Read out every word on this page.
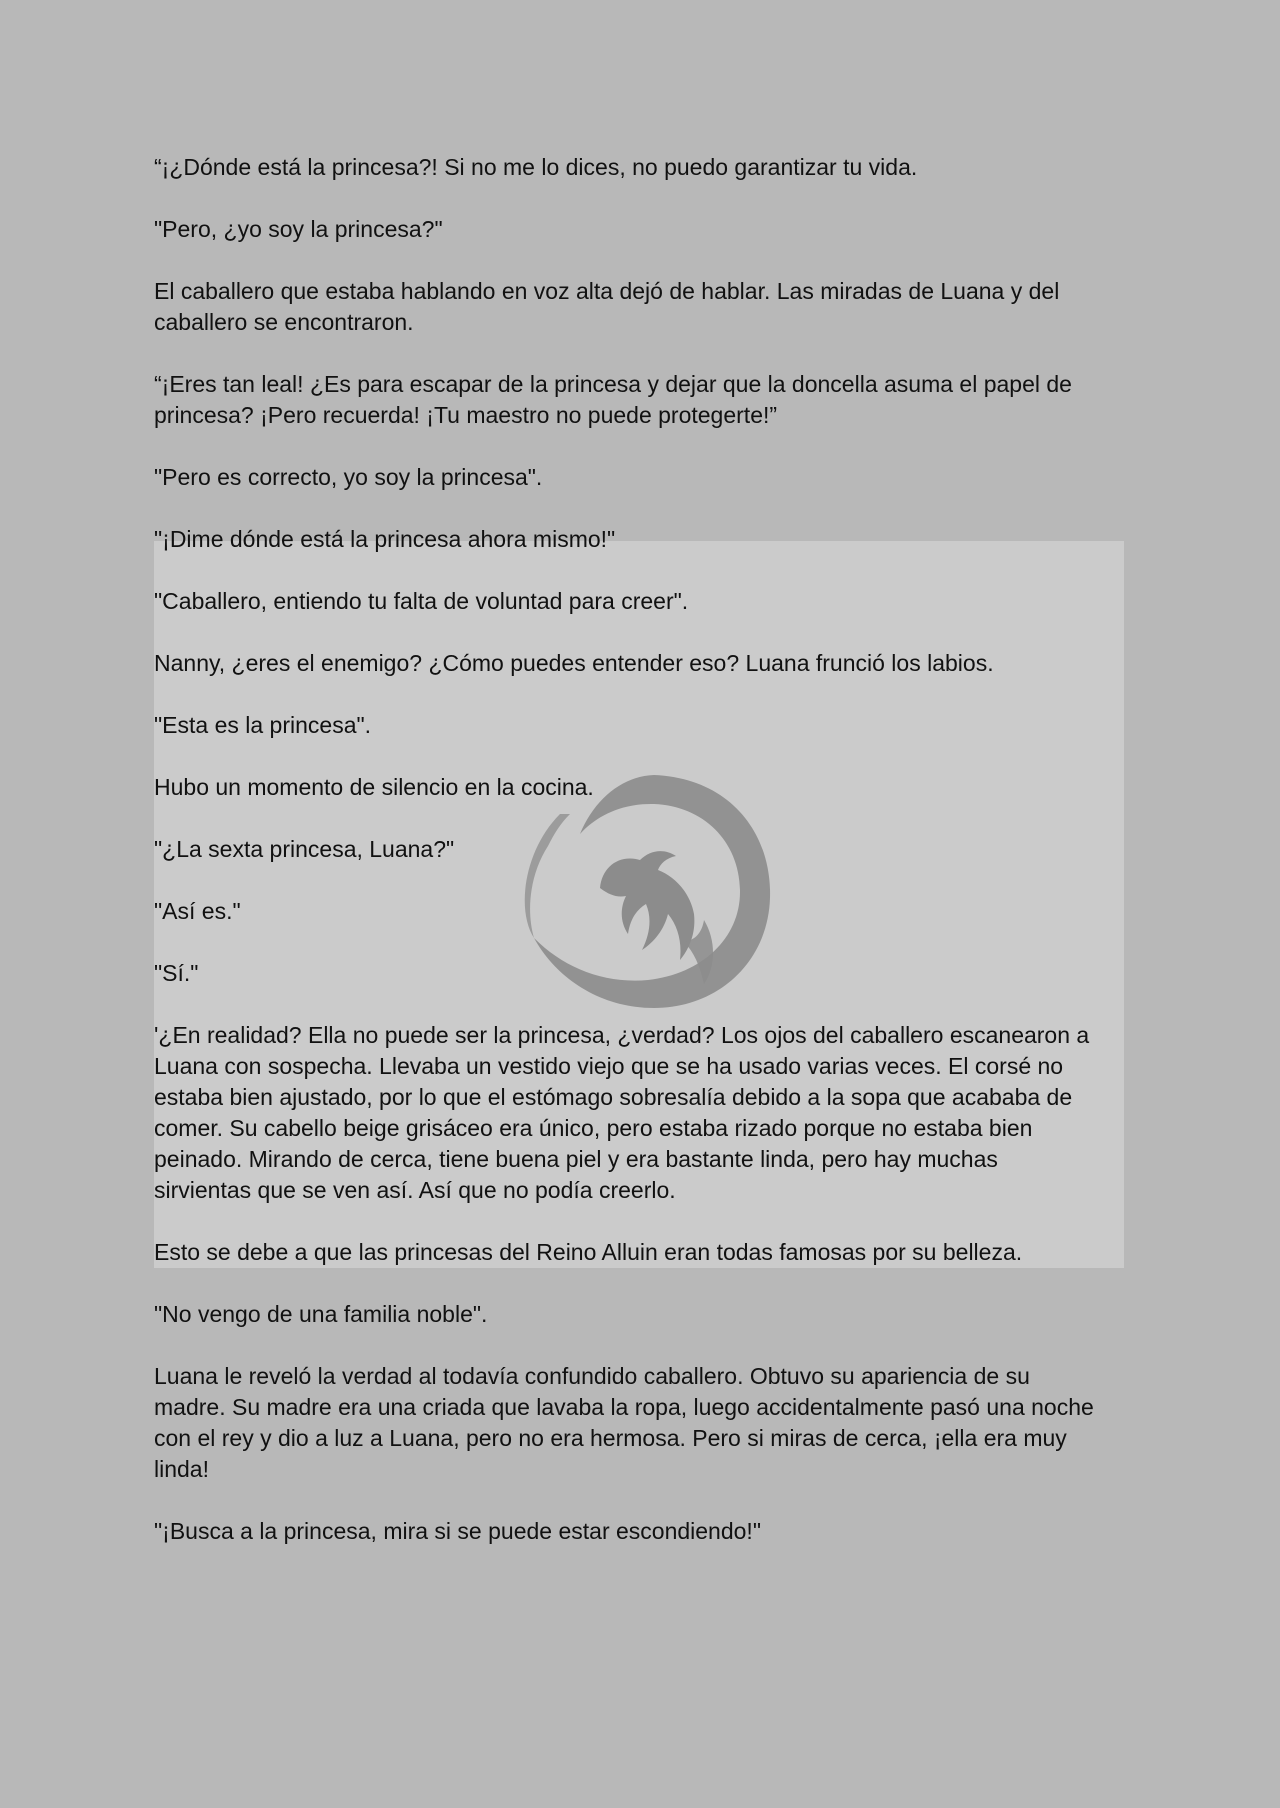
“¡¿Dónde está la princesa?! Si no me lo dices, no puedo garantizar tu vida.

"Pero, ¿yo soy la princesa?"

El caballero que estaba hablando en voz alta dejó de hablar. Las miradas de Luana y del
caballero se encontraron.

“¡Eres tan leal! ¿Es para escapar de la princesa y dejar que la doncella asuma el papel de
princesa? ¡Pero recuerda! ¡Tu maestro no puede protegerte!”

"Pero es correcto, yo soy la princesa".

"¡Dime dónde está la princesa ahora mismo!"

"Caballero, entiendo tu falta de voluntad para creer".

Nanny, ¿eres el enemigo? ¿Cómo puedes entender eso? Luana frunció los labios.

"Esta es la princesa".

Hubo un momento de silencio en la cocina.

"¿La sexta princesa, Luana?"

"Así es."

"Sí."

'¿En realidad? Ella no puede ser la princesa, ¿verdad? Los ojos del caballero escanearon a
Luana con sospecha. Llevaba un vestido viejo que se ha usado varias veces. El corsé no
estaba bien ajustado, por lo que el estómago sobresalía debido a la sopa que acababa de
comer. Su cabello beige grisáceo era único, pero estaba rizado porque no estaba bien
peinado. Mirando de cerca, tiene buena piel y era bastante linda, pero hay muchas
sirvientas que se ven así. Así que no podía creerlo.

Esto se debe a que las princesas del Reino Alluin eran todas famosas por su belleza.

"No vengo de una familia noble".

Luana le reveló la verdad al todavía confundido caballero. Obtuvo su apariencia de su
madre. Su madre era una criada que lavaba la ropa, luego accidentalmente pasó una noche
con el rey y dio a luz a Luana, pero no era hermosa. Pero si miras de cerca, ¡ella era muy
linda!

"¡Busca a la princesa, mira si se puede estar escondiendo!"
